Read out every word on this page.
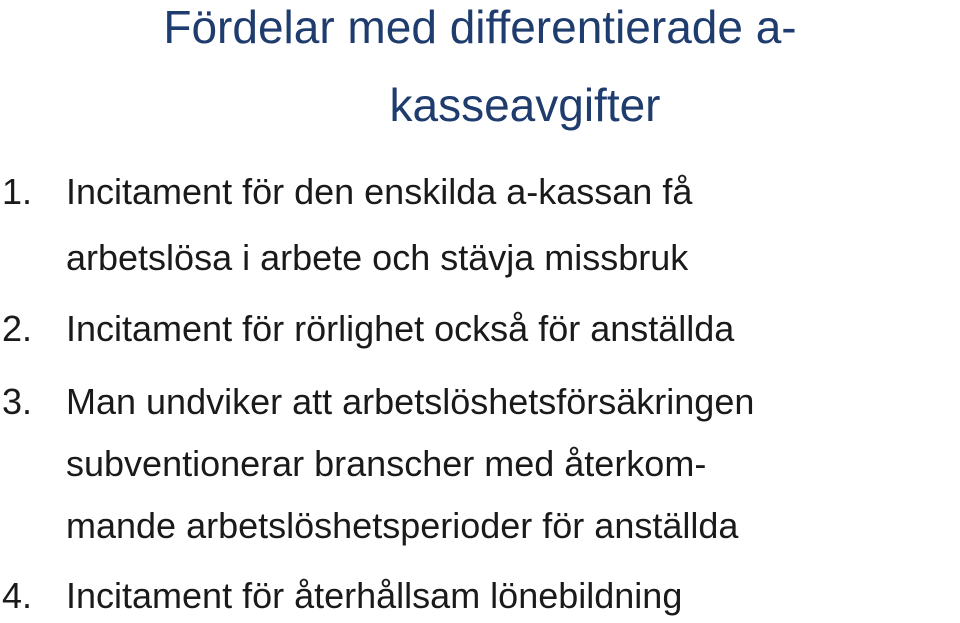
Fördelar med differentierade a-
kasseavgifter
1. Incitament för den enskilda a-kassan få
arbetslösa i arbete och stävja missbruk
2. Incitament för rörlighet också för anställda
3. Man undviker att arbetslöshetsförsäkringen
subventionerar branscher med återkom-
mande arbetslöshetsperioder för anställda
4. Incitament för återhållsam lönebildning
